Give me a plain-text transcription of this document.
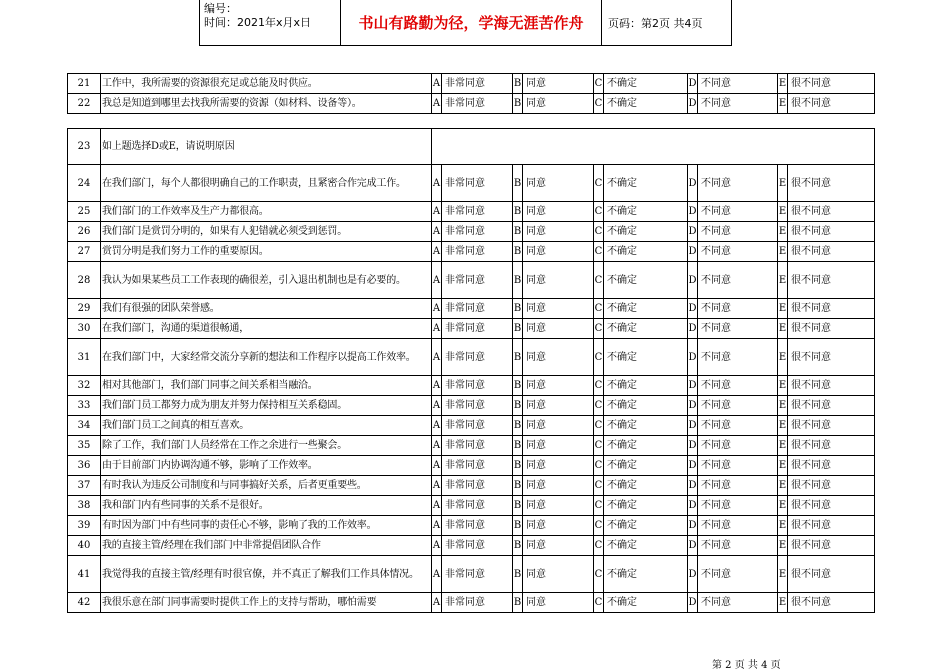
编号：
时间：2021年x月x日	书山有路勤为径，学海无涯苦作舟	页码：第2页 共4页
21	工作中，我所需要的资源很充足或总能及时供应。	A 非常同意	B 同意	C 不确定	D 不同意	E 很不同意

22	我总是知道到哪里去找我所需要的资源（如材料、设备等）。	A 非常同意	B 同意	C 不确定	D 不同意	E 很不同意
23	如上题选择D或E，请说明原因					
24	在我们部门，每个人都很明确自己的工作职责，且紧密合作完成工作。	A 非常同意	B 同意	C 不确定	D 不同意	E 很不同意

25	我们部门的工作效率及生产力都很高。	A 非常同意	B 同意	C 不确定	D 不同意	E 很不同意

26	我们部门是赏罚分明的，如果有人犯错就必须受到惩罚。	A 非常同意	B 同意	C 不确定	D 不同意	E 很不同意

27	赏罚分明是我们努力工作的重要原因。	A 非常同意	B 同意	C 不确定	D 不同意	E 很不同意

28	我认为如果某些员工工作表现的确很差，引入退出机制也是有必要的。	A 非常同意	B 同意	C 不确定	D 不同意	E 很不同意

29	我们有很强的团队荣誉感。	A 非常同意	B 同意	C 不确定	D 不同意	E 很不同意

30	在我们部门，沟通的渠道很畅通，	A 非常同意	B 同意	C 不确定	D 不同意	E 很不同意

31	在我们部门中，大家经常交流分享新的想法和工作程序以提高工作效率。	A 非常同意	B 同意	C 不确定	D 不同意	E 很不同意

32	相对其他部门，我们部门同事之间关系相当融洽。	A 非常同意	B 同意	C 不确定	D 不同意	E 很不同意

33	我们部门员工都努力成为朋友并努力保持相互关系稳固。	A 非常同意	B 同意	C 不确定	D 不同意	E 很不同意

34	我们部门员工之间真的相互喜欢。	A 非常同意	B 同意	C 不确定	D 不同意	E 很不同意

35	除了工作，我们部门人员经常在工作之余进行一些聚会。	A 非常同意	B 同意	C 不确定	D 不同意	E 很不同意

36	由于目前部门内协调沟通不够，影响了工作效率。	A 非常同意	B 同意	C 不确定	D 不同意	E 很不同意

37	有时我认为违反公司制度和与同事搞好关系，后者更重要些。	A 非常同意	B 同意	C 不确定	D 不同意	E 很不同意

38	我和部门内有些同事的关系不是很好。	A 非常同意	B 同意	C 不确定	D 不同意	E 很不同意

39	有时因为部门中有些同事的责任心不够，影响了我的工作效率。	A 非常同意	B 同意	C 不确定	D 不同意	E 很不同意

40	我的直接主管/经理在我们部门中非常提倡团队合作	A 非常同意	B 同意	C 不确定	D 不同意	E 很不同意

41	我觉得我的直接主管/经理有时很官僚，并不真正了解我们工作具体情况。	A 非常同意	B 同意	C 不确定	D 不同意	E 很不同意

42	我很乐意在部门同事需要时提供工作上的支持与帮助，哪怕需要	A 非常同意	B 同意	C 不确定	D 不同意	E 很不同意
第 2 页 共 4 页
